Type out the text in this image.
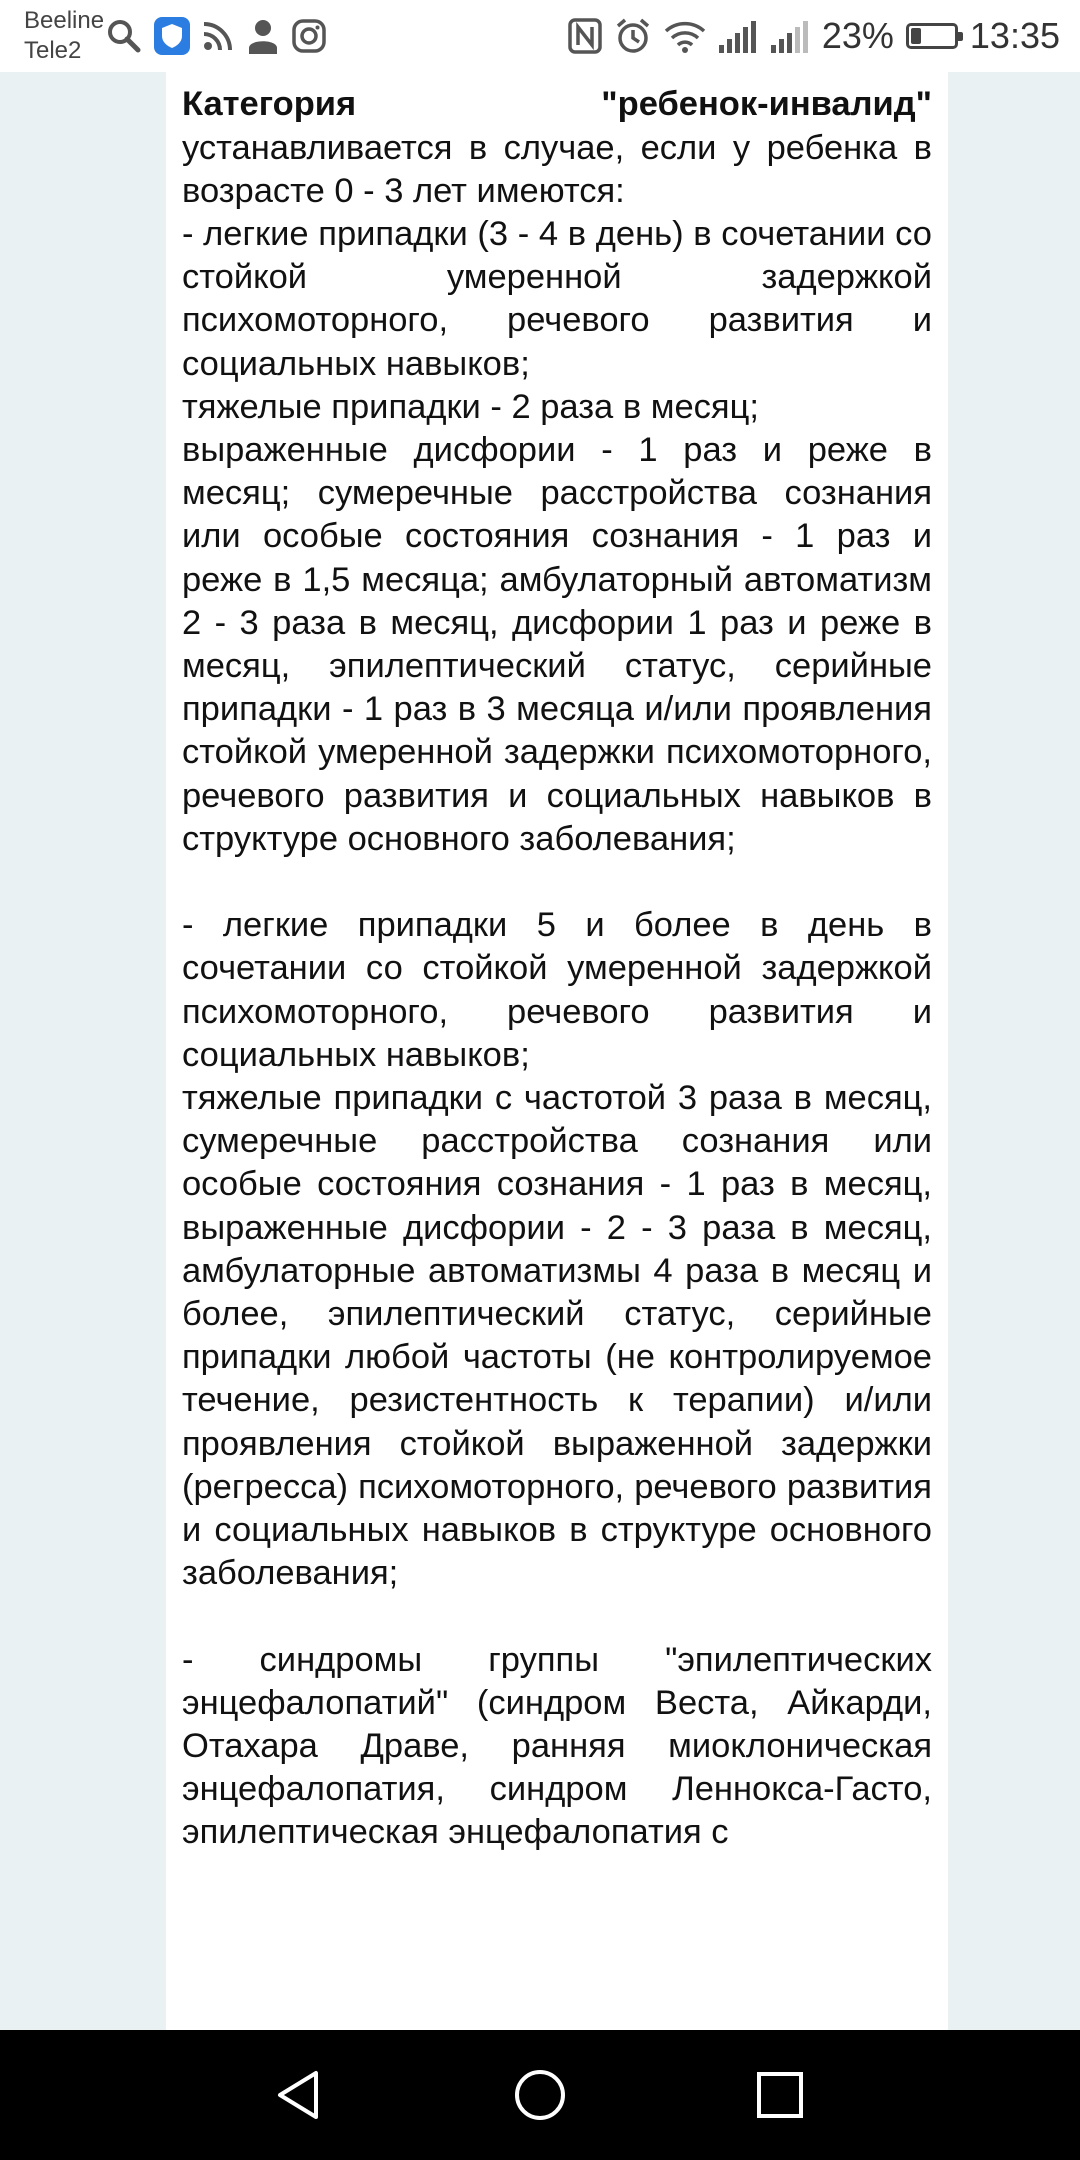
Beeline
Tele2	23% 13:35

Категория	"ребенок-инвалид"

устанавливается в случае, если у ребенка в возрасте 0 - 3 лет имеются:

- легкие припадки (3 - 4 в день) в сочетании со стойкой умеренной задержкой психомоторного, речевого развития и социальных навыков;

тяжелые припадки - 2 раза в месяц;

выраженные дисфории - 1 раз и реже в месяц; сумеречные расстройства сознания или особые состояния сознания - 1 раз и реже в 1,5 месяца; амбулаторный автоматизм 2 - 3 раза в месяц, дисфории 1 раз и реже в месяц, эпилептический статус, серийные припадки - 1 раз в 3 месяца и/или проявления стойкой умеренной задержки психомоторного, речевого развития и социальных навыков в структуре основного заболевания;

- легкие припадки 5 и более в день в сочетании со стойкой умеренной задержкой психомоторного, речевого развития и социальных навыков;

тяжелые припадки с частотой 3 раза в месяц, сумеречные расстройства сознания или особые состояния сознания - 1 раз в месяц, выраженные дисфории - 2 - 3 раза в месяц, амбулаторные автоматизмы 4 раза в месяц и более, эпилептический статус, серийные припадки любой частоты (не контролируемое течение, резистентность к терапии) и/или проявления стойкой выраженной задержки (регресса) психомоторного, речевого развития и социальных навыков в структуре основного заболевания;

- синдромы группы "эпилептических энцефалопатий" (синдром Веста, Айкарди, Отахара Драве, ранняя миоклоническая энцефалопатия, синдром Леннокса-Гасто, эпилептическая энцефалопатия с
